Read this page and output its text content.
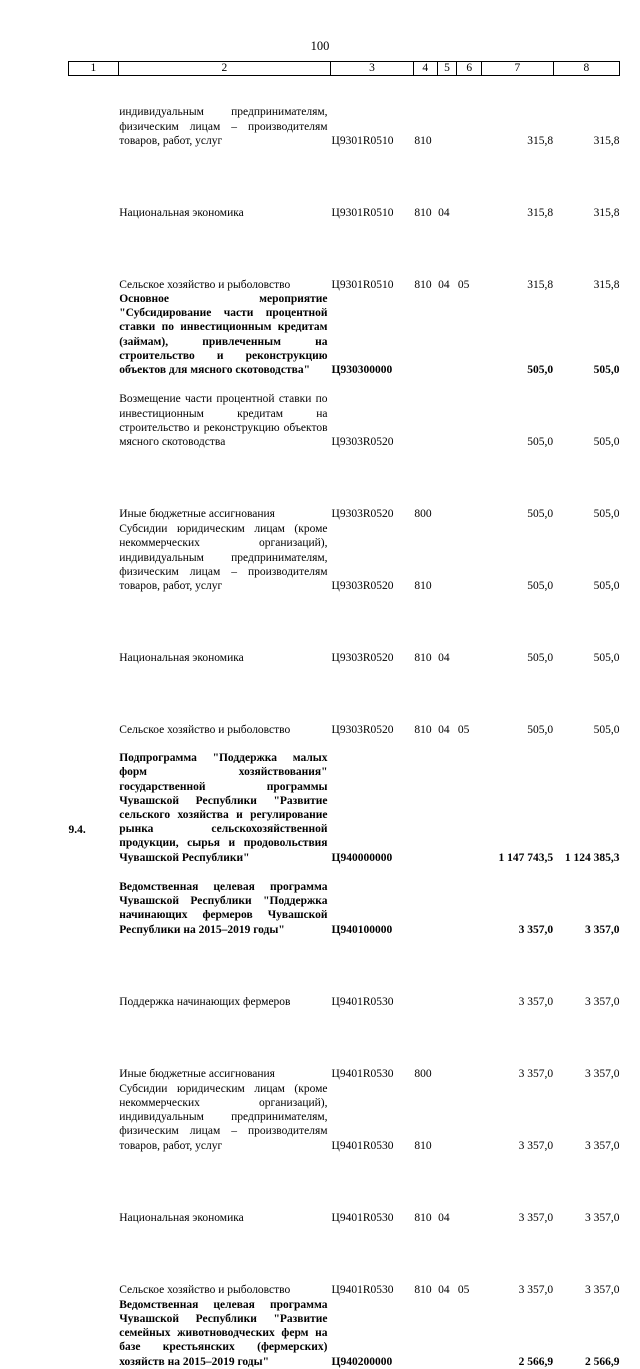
100
1	2	3	4	5	6	7	8
	индивидуальным предпринимателям, физическим лицам – производителям товаров, работ, услуг	Ц9301R0510	810			315,8	315,8
	Национальная экономика	Ц9301R0510	810	04		315,8	315,8
	Сельское хозяйство и рыболовство	Ц9301R0510	810	04	05	315,8	315,8
	Основное мероприятие "Субсидирование части процентной ставки по инвестиционным кредитам (займам), привлеченным на строительство и реконструкцию объектов для мясного скотоводства"	Ц930300000				505,0	505,0
	Возмещение части процентной ставки по инвестиционным кредитам на строительство и реконструкцию объектов мясного скотоводства	Ц9303R0520				505,0	505,0
	Иные бюджетные ассигнования	Ц9303R0520	800			505,0	505,0
	Субсидии юридическим лицам (кроме некоммерческих организаций), индивидуальным предпринимателям, физическим лицам – производителям товаров, работ, услуг	Ц9303R0520	810			505,0	505,0
	Национальная экономика	Ц9303R0520	810	04		505,0	505,0
	Сельское хозяйство и рыболовство	Ц9303R0520	810	04	05	505,0	505,0

9.4.	Подпрограмма "Поддержка малых форм хозяйствования" государственной программы Чувашской Республики "Развитие сельского хозяйства и регулирование рынка сельскохозяйственной продукции, сырья и продовольствия Чувашской Республики"	Ц940000000				1 147 743,5	1 124 385,3
	Ведомственная целевая программа Чувашской Республики "Поддержка начинающих фермеров Чувашской Республики на 2015–2019 годы"	Ц940100000				3 357,0	3 357,0
	Поддержка начинающих фермеров	Ц9401R0530				3 357,0	3 357,0
	Иные бюджетные ассигнования	Ц9401R0530	800			3 357,0	3 357,0
	Субсидии юридическим лицам (кроме некоммерческих организаций), индивидуальным предпринимателям, физическим лицам – производителям товаров, работ, услуг	Ц9401R0530	810			3 357,0	3 357,0
	Национальная экономика	Ц9401R0530	810	04		3 357,0	3 357,0
	Сельское хозяйство и рыболовство	Ц9401R0530	810	04	05	3 357,0	3 357,0
	Ведомственная целевая программа Чувашской Республики "Развитие семейных животноводческих ферм на базе крестьянских (фермерских) хозяйств на 2015–2019 годы"	Ц940200000				2 566,9	2 566,9
